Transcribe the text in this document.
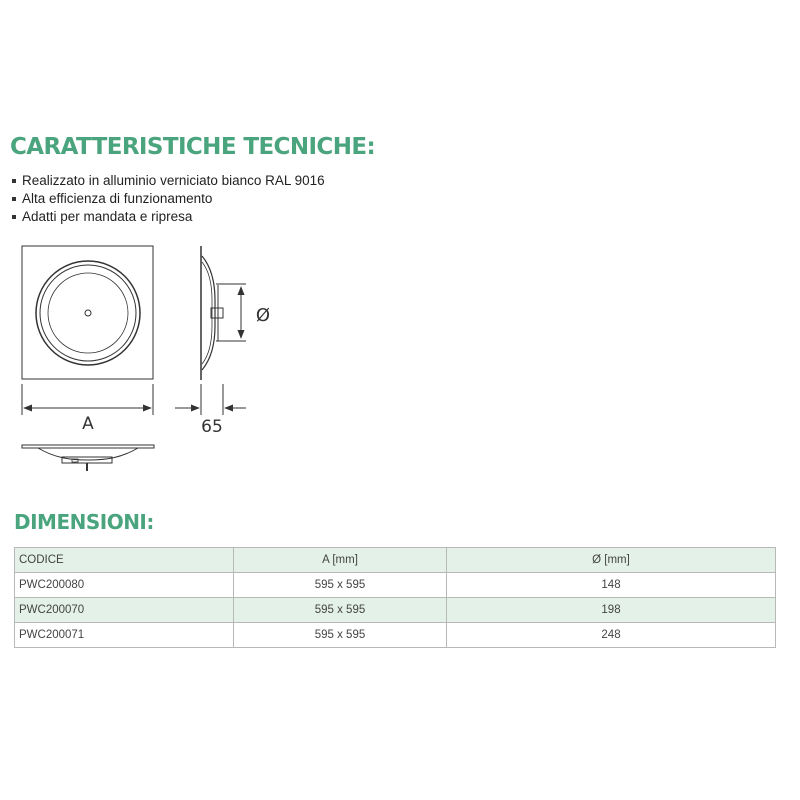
CARATTERISTICHE TECNICHE:
Realizzato in alluminio verniciato bianco RAL 9016
Alta efficienza di funzionamento
Adatti per mandata e ripresa
A
Ø
65
DIMENSIONI:
CODICE	A [mm]	Ø [mm]
PWC200080	595 x 595	148
PWC200070	595 x 595	198
PWC200071	595 x 595	248
